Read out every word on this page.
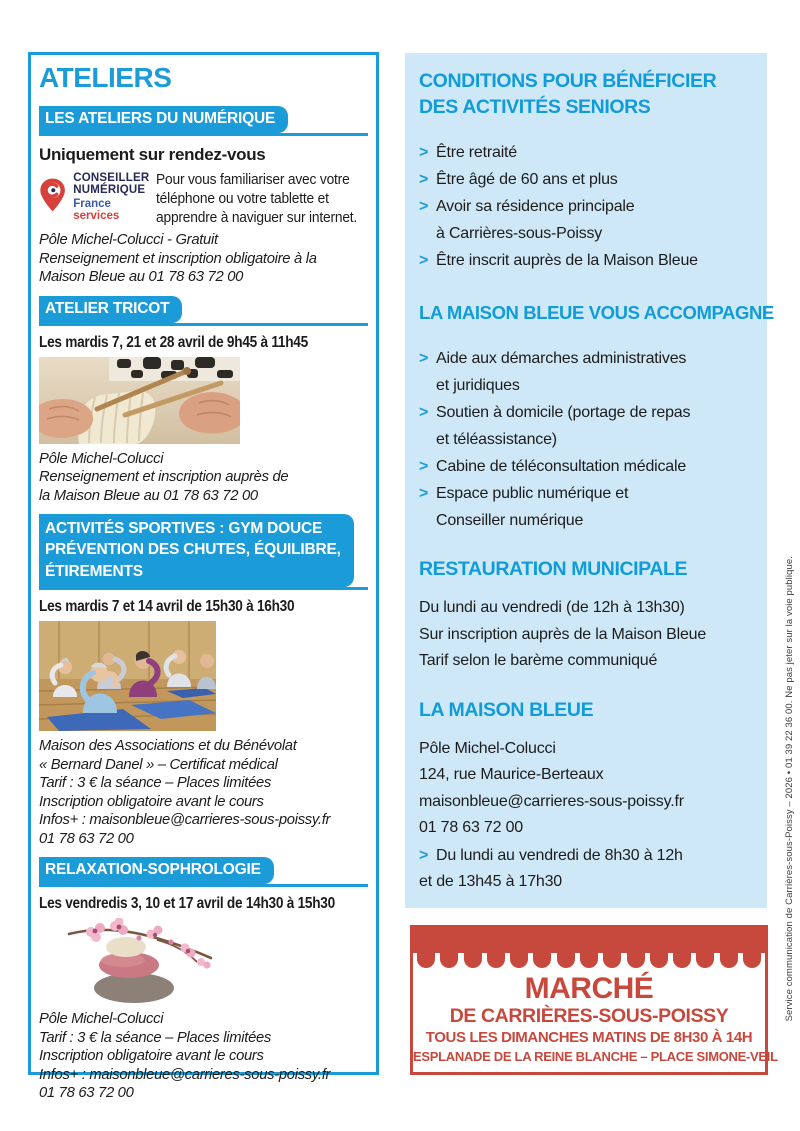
ATELIERS
LES ATELIERS DU NUMÉRIQUE
Uniquement sur rendez-vous
CONSEILLER
NUMÉRIQUE
France
services
Pour vous familiariser avec votre
téléphone ou votre tablette et
apprendre à naviguer sur internet.
Pôle Michel-Colucci - Gratuit
Renseignement et inscription obligatoire à la
Maison Bleue au 01 78 63 72 00
ATELIER TRICOT
Les mardis 7, 21 et 28 avril de 9h45 à 11h45
Pôle Michel-Colucci
Renseignement et inscription auprès de
la Maison Bleue au 01 78 63 72 00
ACTIVITÉS SPORTIVES : GYM DOUCE
PRÉVENTION DES CHUTES, ÉQUILIBRE,
ÉTIREMENTS
Les mardis 7 et 14 avril de 15h30 à 16h30
Maison des Associations et du Bénévolat
« Bernard Danel » – Certificat médical
Tarif : 3 € la séance – Places limitées
Inscription obligatoire avant le cours
Infos+ : maisonbleue@carrieres-sous-poissy.fr
01 78 63 72 00
RELAXATION-SOPHROLOGIE
Les vendredis 3, 10 et 17 avril de 14h30 à 15h30
Pôle Michel-Colucci
Tarif : 3 € la séance – Places limitées
Inscription obligatoire avant le cours
Infos+ : maisonbleue@carrieres-sous-poissy.fr
01 78 63 72 00
CONDITIONS POUR BÉNÉFICIER
DES ACTIVITÉS SENIORS
> Être retraité
> Être âgé de 60 ans et plus
> Avoir sa résidence principale
à Carrières-sous-Poissy
> Être inscrit auprès de la Maison Bleue
LA MAISON BLEUE VOUS ACCOMPAGNE
> Aide aux démarches administratives
et juridiques
> Soutien à domicile (portage de repas
et téléassistance)
> Cabine de téléconsultation médicale
> Espace public numérique et
Conseiller numérique
RESTAURATION MUNICIPALE
Du lundi au vendredi (de 12h à 13h30)
Sur inscription auprès de la Maison Bleue
Tarif selon le barème communiqué
LA MAISON BLEUE
Pôle Michel-Colucci
124, rue Maurice-Berteaux
maisonbleue@carrieres-sous-poissy.fr
01 78 63 72 00
> Du lundi au vendredi de 8h30 à 12h
et de 13h45 à 17h30
MARCHÉ
DE CARRIÈRES-SOUS-POISSY
TOUS LES DIMANCHES MATINS DE 8H30 À 14H
ESPLANADE DE LA REINE BLANCHE – PLACE SIMONE-VEIL
Service communication de Carrières-sous-Poissy – 2026 • 01 39 22 36 00. Ne pas jeter sur la voie publique.
